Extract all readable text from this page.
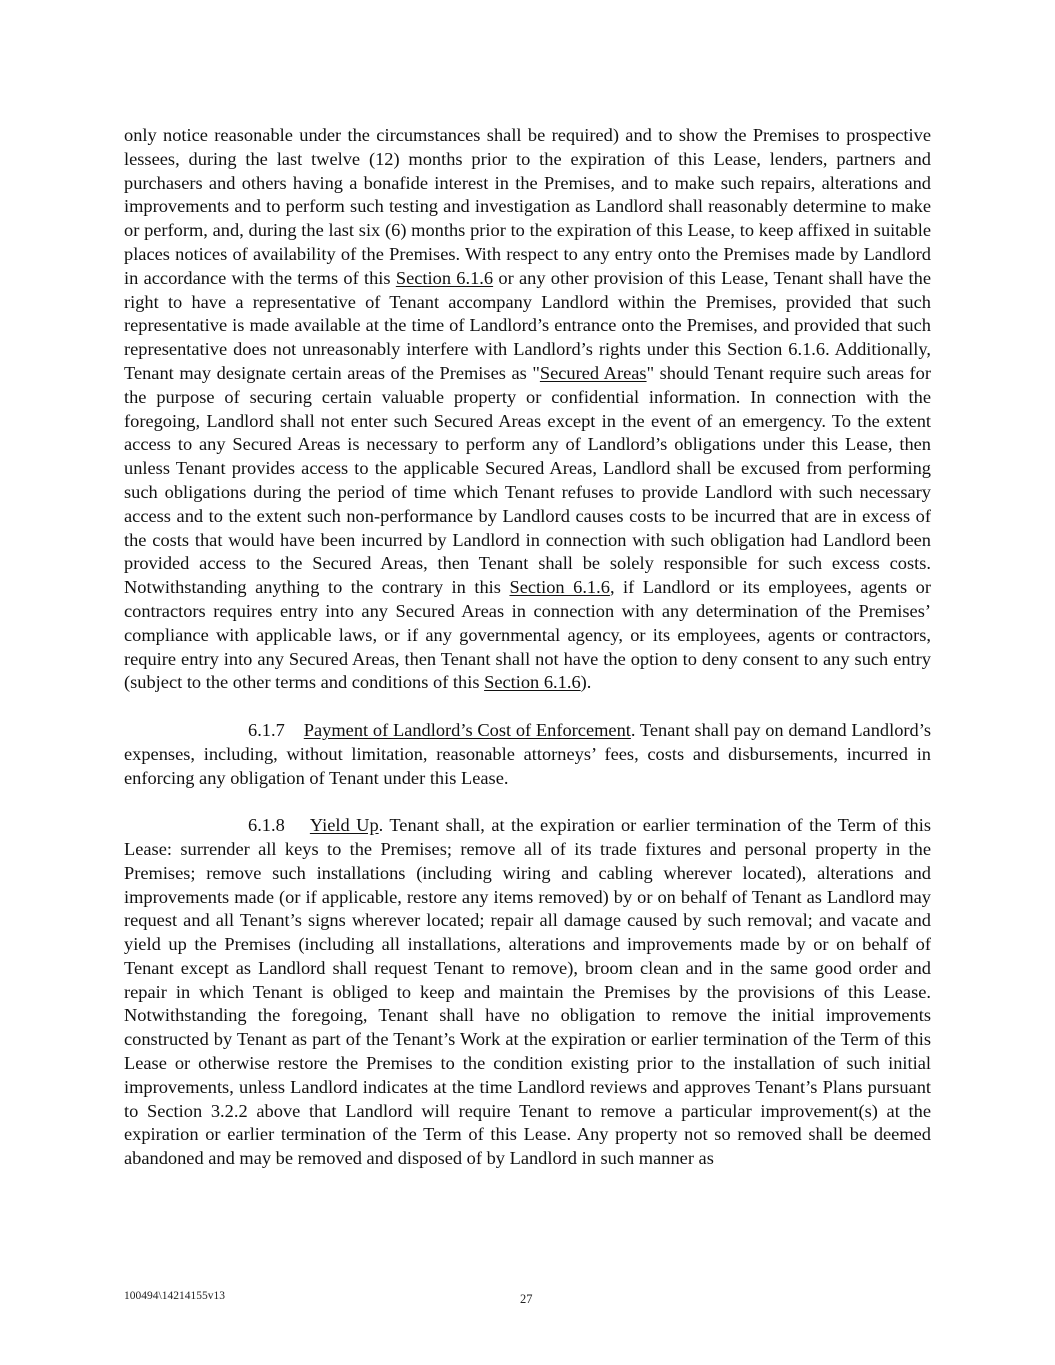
only notice reasonable under the circumstances shall be required) and to show the Premises to prospective lessees, during the last twelve (12) months prior to the expiration of this Lease, lenders, partners and purchasers and others having a bonafide interest in the Premises, and to make such repairs, alterations and improvements and to perform such testing and investigation as Landlord shall reasonably determine to make or perform, and, during the last six (6) months prior to the expiration of this Lease, to keep affixed in suitable places notices of availability of the Premises. With respect to any entry onto the Premises made by Landlord in accordance with the terms of this Section 6.1.6 or any other provision of this Lease, Tenant shall have the right to have a representative of Tenant accompany Landlord within the Premises, provided that such representative is made available at the time of Landlord’s entrance onto the Premises, and provided that such representative does not unreasonably interfere with Landlord’s rights under this Section 6.1.6. Additionally, Tenant may designate certain areas of the Premises as "Secured Areas" should Tenant require such areas for the purpose of securing certain valuable property or confidential information. In connection with the foregoing, Landlord shall not enter such Secured Areas except in the event of an emergency. To the extent access to any Secured Areas is necessary to perform any of Landlord’s obligations under this Lease, then unless Tenant provides access to the applicable Secured Areas, Landlord shall be excused from performing such obligations during the period of time which Tenant refuses to provide Landlord with such necessary access and to the extent such non-performance by Landlord causes costs to be incurred that are in excess of the costs that would have been incurred by Landlord in connection with such obligation had Landlord been provided access to the Secured Areas, then Tenant shall be solely responsible for such excess costs. Notwithstanding anything to the contrary in this Section 6.1.6, if Landlord or its employees, agents or contractors requires entry into any Secured Areas in connection with any determination of the Premises’ compliance with applicable laws, or if any governmental agency, or its employees, agents or contractors, require entry into any Secured Areas, then Tenant shall not have the option to deny consent to any such entry (subject to the other terms and conditions of this Section 6.1.6).

6.1.7 Payment of Landlord’s Cost of Enforcement. Tenant shall pay on demand Landlord’s expenses, including, without limitation, reasonable attorneys’ fees, costs and disbursements, incurred in enforcing any obligation of Tenant under this Lease.

6.1.8 Yield Up. Tenant shall, at the expiration or earlier termination of the Term of this Lease: surrender all keys to the Premises; remove all of its trade fixtures and personal property in the Premises; remove such installations (including wiring and cabling wherever located), alterations and improvements made (or if applicable, restore any items removed) by or on behalf of Tenant as Landlord may request and all Tenant’s signs wherever located; repair all damage caused by such removal; and vacate and yield up the Premises (including all installations, alterations and improvements made by or on behalf of Tenant except as Landlord shall request Tenant to remove), broom clean and in the same good order and repair in which Tenant is obliged to keep and maintain the Premises by the provisions of this Lease. Notwithstanding the foregoing, Tenant shall have no obligation to remove the initial improvements constructed by Tenant as part of the Tenant’s Work at the expiration or earlier termination of the Term of this Lease or otherwise restore the Premises to the condition existing prior to the installation of such initial improvements, unless Landlord indicates at the time Landlord reviews and approves Tenant’s Plans pursuant to Section 3.2.2 above that Landlord will require Tenant to remove a particular improvement(s) at the expiration or earlier termination of the Term of this Lease. Any property not so removed shall be deemed abandoned and may be removed and disposed of by Landlord in such manner as

100494\14214155v13	27
